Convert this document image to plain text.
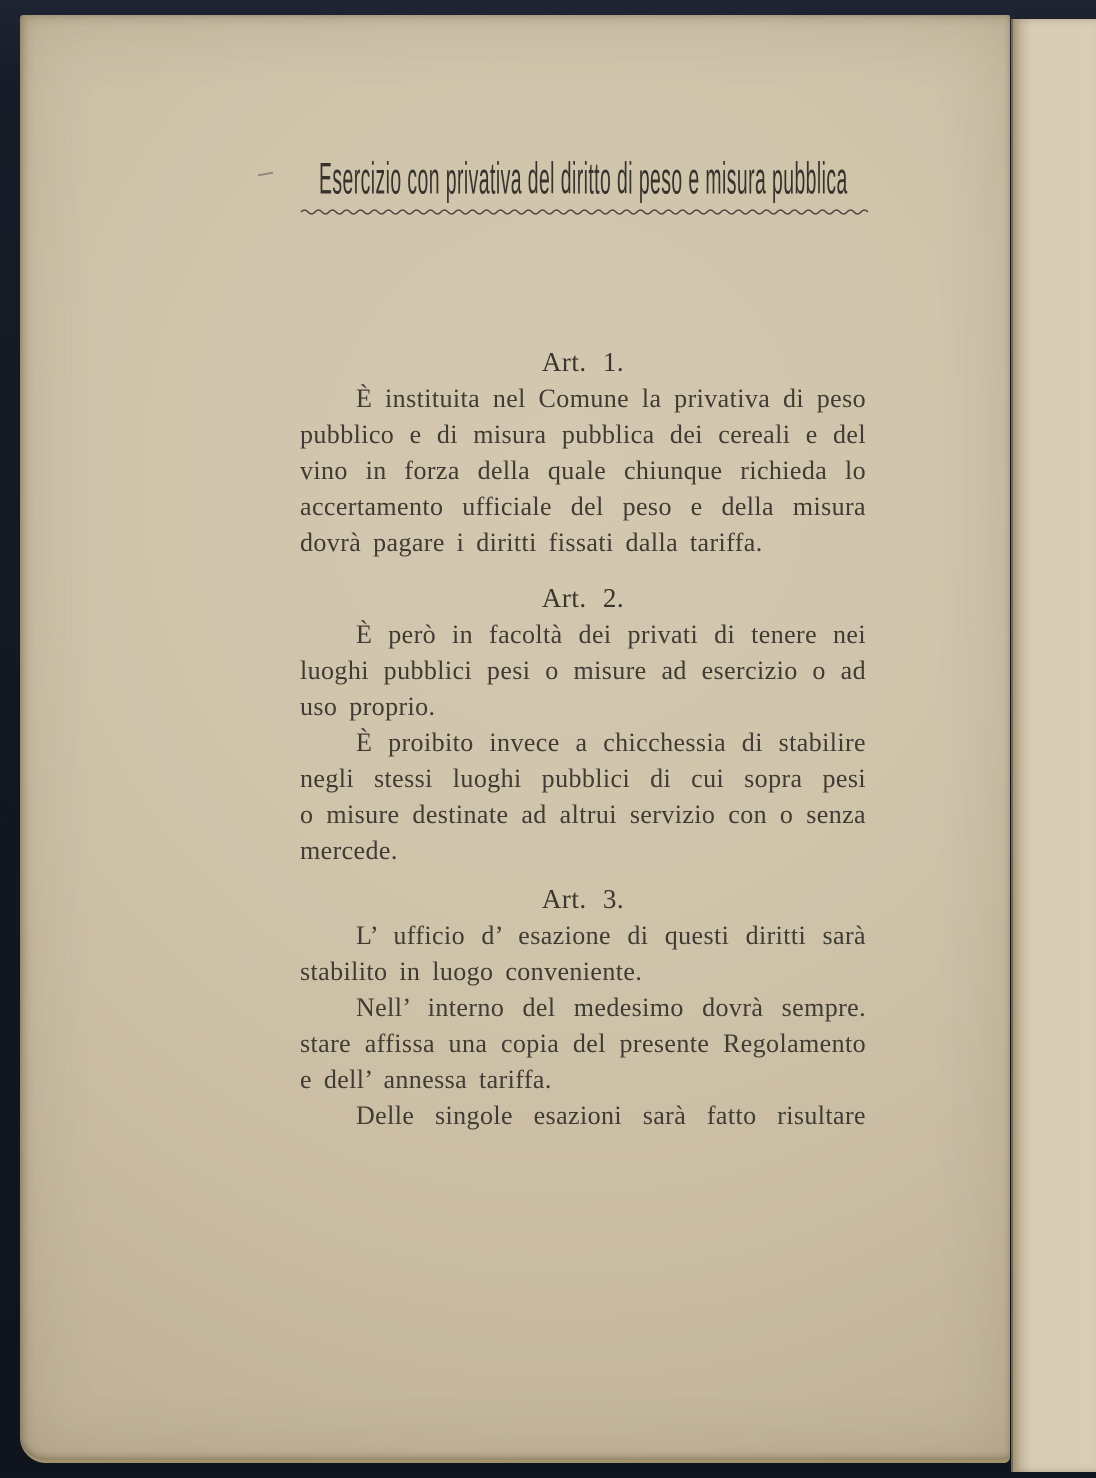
Esercizio con privativa del diritto di peso e misura pubblica
Art. 1.
È instituita nel Comune la privativa di peso
pubblico e di misura pubblica dei cereali e del
vino in forza della quale chiunque richieda lo
accertamento ufficiale del peso e della misura
dovrà pagare i diritti fissati dalla tariffa.
Art. 2.
È però in facoltà dei privati di tenere nei
luoghi pubblici pesi o misure ad esercizio o ad
uso proprio.
È proibito invece a chicchessia di stabilire
negli stessi luoghi pubblici di cui sopra pesi
o misure destinate ad altrui servizio con o senza
mercede.
Art. 3.
L’ ufficio d’ esazione di questi diritti sarà
stabilito in luogo conveniente.
Nell’ interno del medesimo dovrà sempre.
stare affissa una copia del presente Regolamento
e dell’ annessa tariffa.
Delle singole esazioni sarà fatto risultare
